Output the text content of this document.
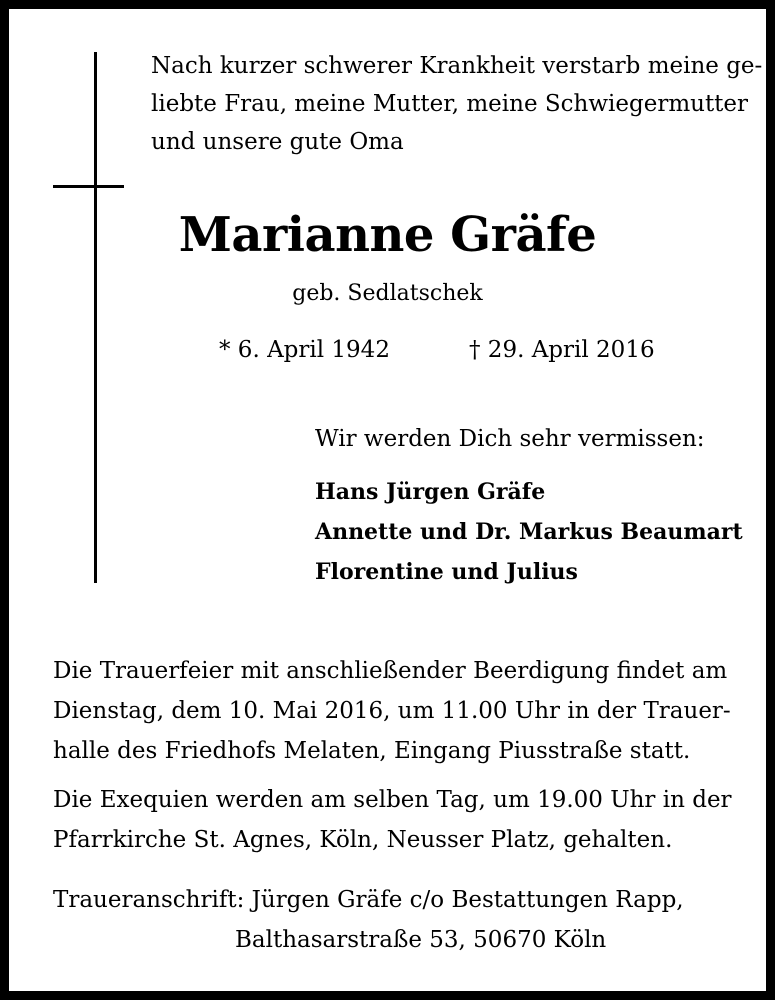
Nach kurzer schwerer Krankheit verstarb meine ge-
liebte Frau, meine Mutter, meine Schwiegermutter
und unsere gute Oma
Marianne Gräfe
geb. Sedlatschek
* 6. April 1942	† 29. April 2016
Wir werden Dich sehr vermissen:
Hans Jürgen Gräfe
Annette und Dr. Markus Beaumart
Florentine und Julius
Die Trauerfeier mit anschließender Beerdigung findet am
Dienstag, dem 10. Mai 2016, um 11.00 Uhr in der Trauer-
halle des Friedhofs Melaten, Eingang Piusstraße statt.
Die Exequien werden am selben Tag, um 19.00 Uhr in der
Pfarrkirche St. Agnes, Köln, Neusser Platz, gehalten.
Traueranschrift: Jürgen Gräfe c/o Bestattungen Rapp,
Balthasarstraße 53, 50670 Köln
